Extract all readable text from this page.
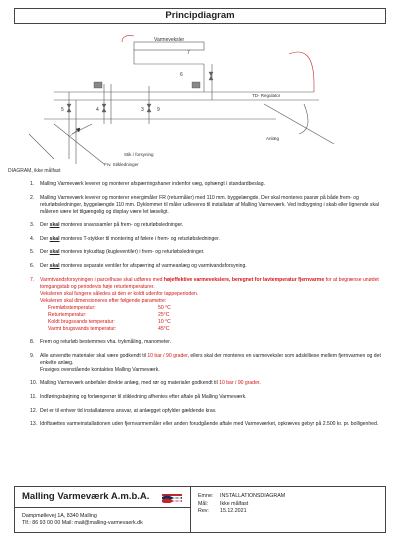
Principdiagram
Varmeveksler
TD- Regulator
Anlæg
Stik / forsyning
Frv. Stikledninger
7
6
5	4	3	9
DIAGRAM, ikke målfast
1. Malling Varmeværk leverer og monterer afspærringshaner indenfor væg, ophængt i standardbeslag.
2. Malling Varmeværk leverer og monterer energimåler FR (returmåler) med 110 mm. byggelængde. Der skal monteres pasrør på både frem- og returløbsledninger, byggelængde 110 mm. Dyklommer til måler udleveres til installatør af Malling Varmeværk. Ved indbygning i skab eller lignende skal måleren være let tilgængelig og display være let læseligt.
3. Der skal monteres snavssamler på frem- og returløbsledninger.
4. Der skal monteres T-stykker til montering af følere i frem- og returløbsledninger.
5. Der skal monteres trykudtag (kugleventiler) i frem- og returløbsledninger.
6. Der skal monteres separate ventiler for afspærring af varmeanlæg og varmtvandsforsyning.
7. Varmtvandsforsyningen i parcelhuse skal udføres med højeffektive varmevekslere, beregnet for lavtemperatur fjernvarme for at begrænse unødet tomgangstab og periodevis høje returtemperaturer.
Veksleren skal fungere således at den er koldt udenfor tappeperioden.
Veksleren skal dimensioneres efter følgende parametre:
Fremløbstemperatur:	50 °C
Returtemperatur:	25°C
Koldt brugsvands temperatur:	10 °C
Varmt brugsvands temperatur:	45°C
8. Frem og returløb bestemmes vha. trykmåling, manometer.
9. Alle anvendte materialer skal være godkendt til 10 bar / 90 grader, ellers skal der monteres en varmeveksler som adskilliese mellem fjernvarmen og det enkelte anlæg.
Fraviges ovenstående kontaktes Malling Varmeværk.
10. Malling Varmeværk anbefaler direkte anlæg, med rør og materialer godkendt til 10 bar / 90 grader.
11. Indføringsbøjning og forlængerrør til stikledning afhentes efter aftale på Malling Varmeværk.
12. Det er til enhver tid installatørens ansvar, at anlægget opfylder gældende krav.
13. Idriftsættes varmeinstallationen uden fjernvarmemåler eller anden forudgående aftale med Varmeværket, opkræves gebyr på 2.500 kr. pr. bolligenhed.
Malling Varmeværk A.m.b.A.
Dampmøllevej 1A, 8340 Malling
Tlf.: 86 93 00 00 Mail: mail@malling-varmevaerk.dk
Emne: INSTALLATIONSDIAGRAM
Mål: Ikke målfast
Rev: 15.12.2021
